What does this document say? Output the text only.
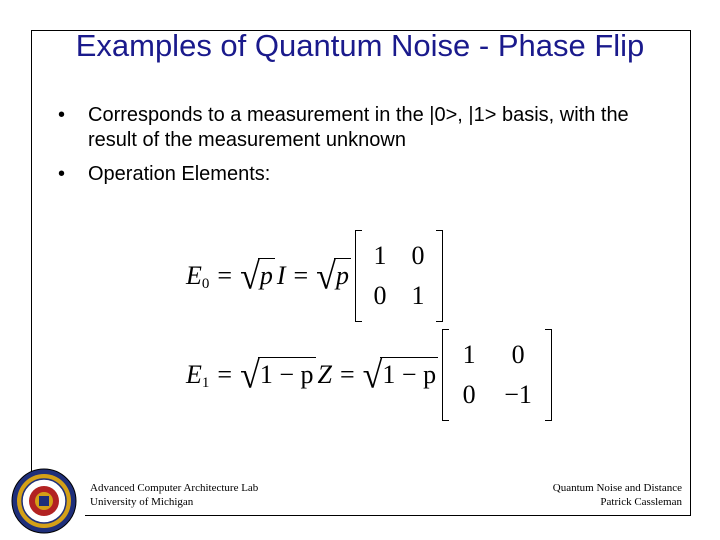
Examples of Quantum Noise - Phase Flip
• Corresponds to a measurement in the |0>, |1> basis, with the result of the measurement unknown
• Operation Elements:
E 0 = √ p I = √ p
1 0
0 1
E 1 = √ 1 − p Z = √ 1 − p
1	0
0	−1
Advanced Computer Architecture Lab
University of Michigan
Quantum Noise and Distance
Patrick Cassleman
